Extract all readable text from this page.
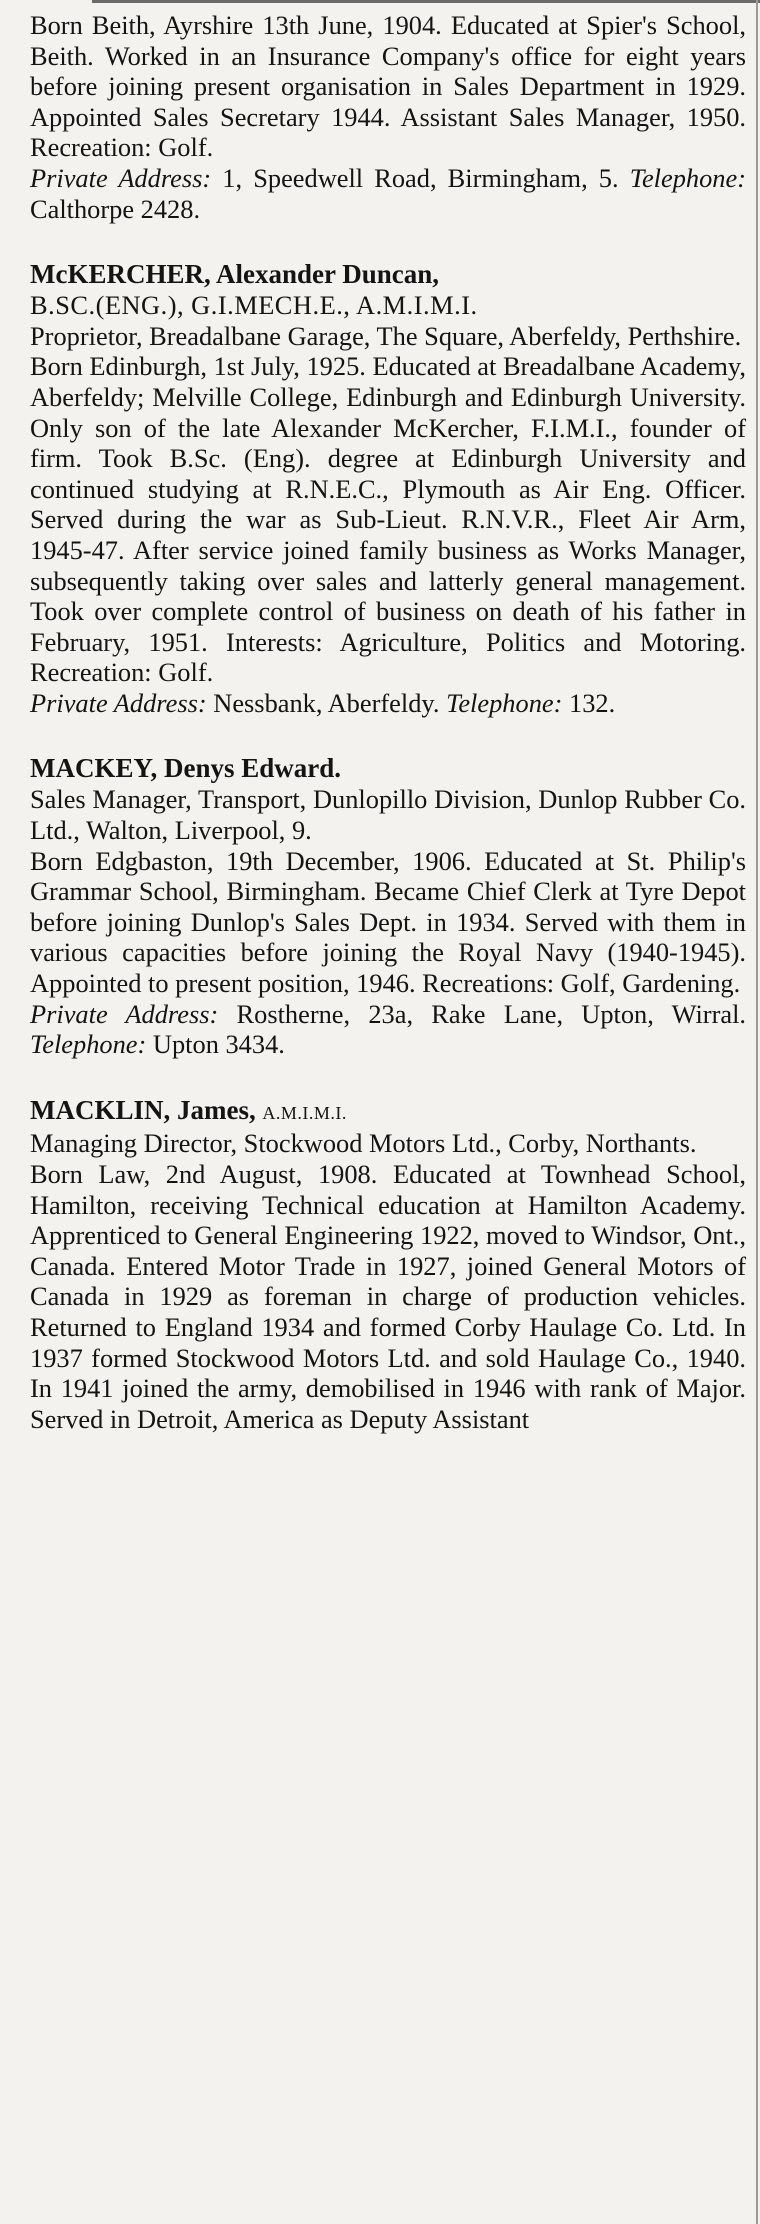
Born Beith, Ayrshire 13th June, 1904. Educated at Spier's School, Beith. Worked in an Insurance Company's office for eight years before joining present organisation in Sales Department in 1929. Appointed Sales Secretary 1944. Assistant Sales Manager, 1950. Recreation: Golf.

Private Address: 1, Speedwell Road, Birmingham, 5. Telephone: Calthorpe 2428.

McKERCHER, Alexander Duncan,

B.SC.(ENG.), G.I.MECH.E., A.M.I.M.I.

Proprietor, Breadalbane Garage, The Square, Aberfeldy, Perthshire.

Born Edinburgh, 1st July, 1925. Educated at Breadalbane Academy, Aberfeldy; Melville College, Edinburgh and Edinburgh University. Only son of the late Alexander McKercher, F.I.M.I., founder of firm. Took B.Sc. (Eng). degree at Edinburgh University and continued studying at R.N.E.C., Plymouth as Air Eng. Officer. Served during the war as Sub-Lieut. R.N.V.R., Fleet Air Arm, 1945-47. After service joined family business as Works Manager, subsequently taking over sales and latterly general management. Took over complete control of business on death of his father in February, 1951. Interests: Agriculture, Politics and Motoring. Recreation: Golf.

Private Address: Nessbank, Aberfeldy. Telephone: 132.

MACKEY, Denys Edward.

Sales Manager, Transport, Dunlopillo Division, Dunlop Rubber Co. Ltd., Walton, Liverpool, 9.

Born Edgbaston, 19th December, 1906. Educated at St. Philip's Grammar School, Birmingham. Became Chief Clerk at Tyre Depot before joining Dunlop's Sales Dept. in 1934. Served with them in various capacities before joining the Royal Navy (1940-1945). Appointed to present position, 1946. Recreations: Golf, Gardening.

Private Address: Rostherne, 23a, Rake Lane, Upton, Wirral. Telephone: Upton 3434.

MACKLIN, James, A.M.I.M.I.

Managing Director, Stockwood Motors Ltd., Corby, Northants.

Born Law, 2nd August, 1908. Educated at Townhead School, Hamilton, receiving Technical education at Hamilton Academy. Apprenticed to General Engineering 1922, moved to Windsor, Ont., Canada. Entered Motor Trade in 1927, joined General Motors of Canada in 1929 as foreman in charge of production vehicles. Returned to England 1934 and formed Corby Haulage Co. Ltd. In 1937 formed Stockwood Motors Ltd. and sold Haulage Co., 1940. In 1941 joined the army, demobilised in 1946 with rank of Major. Served in Detroit, America as Deputy Assistant
